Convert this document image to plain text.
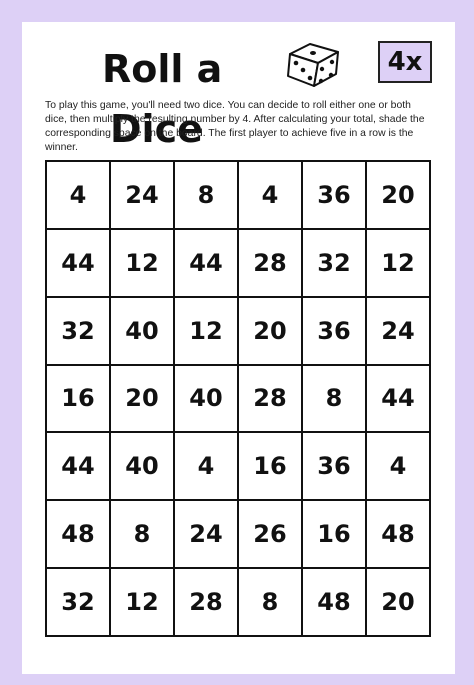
Roll a
Dice
4x

To play this game, you'll need two dice. You can decide to roll either one or both dice, then multiply the resulting number by 4. After calculating your total, shade the corresponding space on the board. The first player to achieve five in a row is the winner.

4	24	8	4	36	20
44	12	44	28	32	12
32	40	12	20	36	24
16	20	40	28	8	44
44	40	4	16	36	4
48	8	24	26	16	48
32	12	28	8	48	20
